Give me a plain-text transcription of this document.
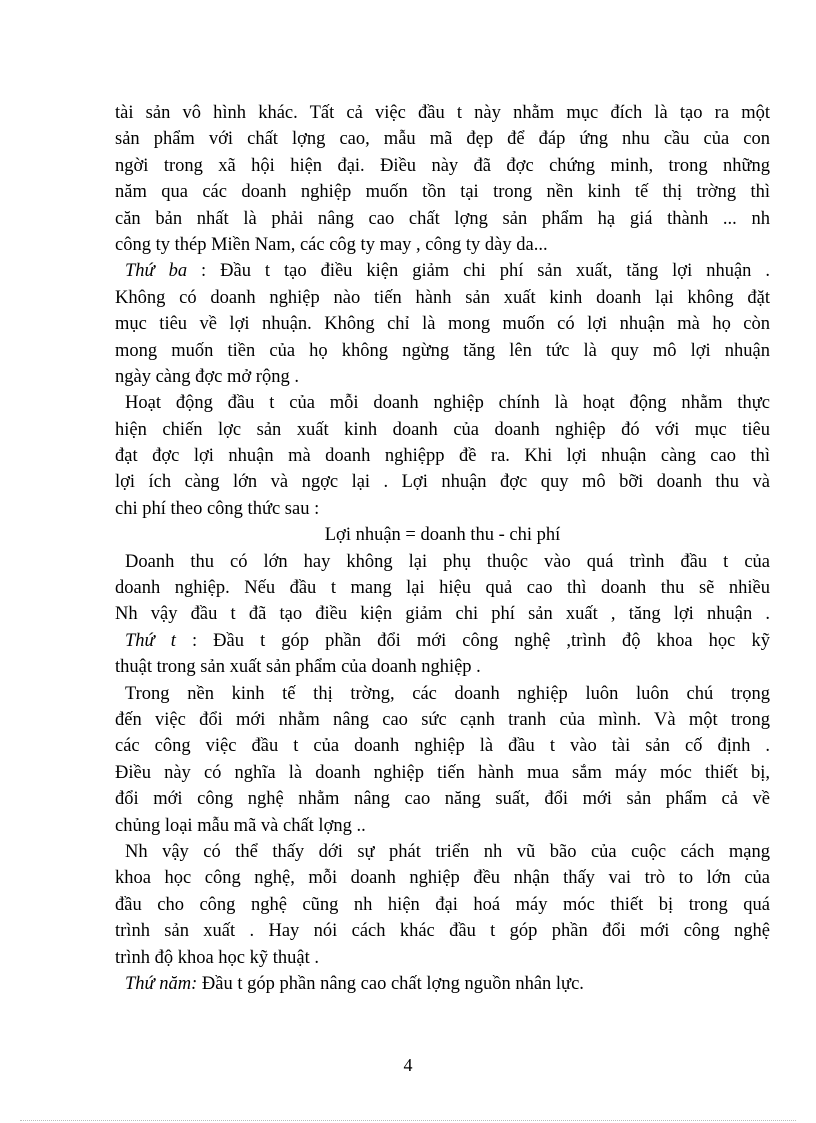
tài sản vô hình khác. Tất cả việc đầu t này nhằm mục đích là tạo ra một
sản phẩm với chất lợng cao, mẫu mã đẹp để đáp ứng nhu cầu của con
ngời trong xã hội hiện đại. Điều này đã đợc chứng minh, trong những
năm qua các doanh nghiệp muốn tồn tại trong nền kinh tế thị trờng thì
căn bản nhất là phải nâng cao chất lợng sản phẩm hạ giá thành ... nh
công ty thép Miền Nam, các côg ty may , công ty dày da...
Thứ ba : Đầu t tạo điều kiện giảm chi phí sản xuất, tăng lợi nhuận .
Không có doanh nghiệp nào tiến hành sản xuất kinh doanh lại không đặt
mục tiêu về lợi nhuận. Không chỉ là mong muốn có lợi nhuận mà họ còn
mong muốn tiền của họ không ngừng tăng lên tức là quy mô lợi nhuận
ngày càng đợc mở rộng .
Hoạt động đầu t của mỗi doanh nghiệp chính là hoạt động nhằm thực
hiện chiến lợc sản xuất kinh doanh của doanh nghiệp đó với mục tiêu
đạt đợc lợi nhuận mà doanh nghiệpp đề ra. Khi lợi nhuận càng cao thì
lợi ích càng lớn và ngợc lại . Lợi nhuận đợc quy mô bỡi doanh thu và
chi phí theo công thức sau :
Lợi nhuận = doanh thu - chi phí
Doanh thu có lớn hay không lại phụ thuộc vào quá trình đầu t của
doanh nghiệp. Nếu đầu t mang lại hiệu quả cao thì doanh thu sẽ nhiều
Nh vậy đầu t đã tạo điều kiện giảm chi phí sản xuất , tăng lợi nhuận .
Thứ t : Đầu t góp phần đổi mới công nghệ ,trình độ khoa học kỹ
thuật trong sản xuất sản phẩm của doanh nghiệp .
Trong nền kinh tế thị trờng, các doanh nghiệp luôn luôn chú trọng
đến việc đổi mới nhằm nâng cao sức cạnh tranh của mình. Và một trong
các công việc đầu t của doanh nghiệp là đầu t vào tài sản cố định .
Điều này có nghĩa là doanh nghiệp tiến hành mua sắm máy móc thiết bị,
đổi mới công nghệ nhằm nâng cao năng suất, đổi mới sản phẩm cả về
chủng loại mẫu mã và chất lợng ..
Nh vậy có thể thấy dới sự phát triển nh vũ bão của cuộc cách mạng
khoa học công nghệ, mỗi doanh nghiệp đều nhận thấy vai trò to lớn của
đầu cho công nghệ cũng nh hiện đại hoá máy móc thiết bị trong quá
trình sản xuất . Hay nói cách khác đầu t góp phần đổi mới công nghệ
trình độ khoa học kỹ thuật .
Thứ năm: Đầu t góp phần nâng cao chất lợng nguồn nhân lực.
4
